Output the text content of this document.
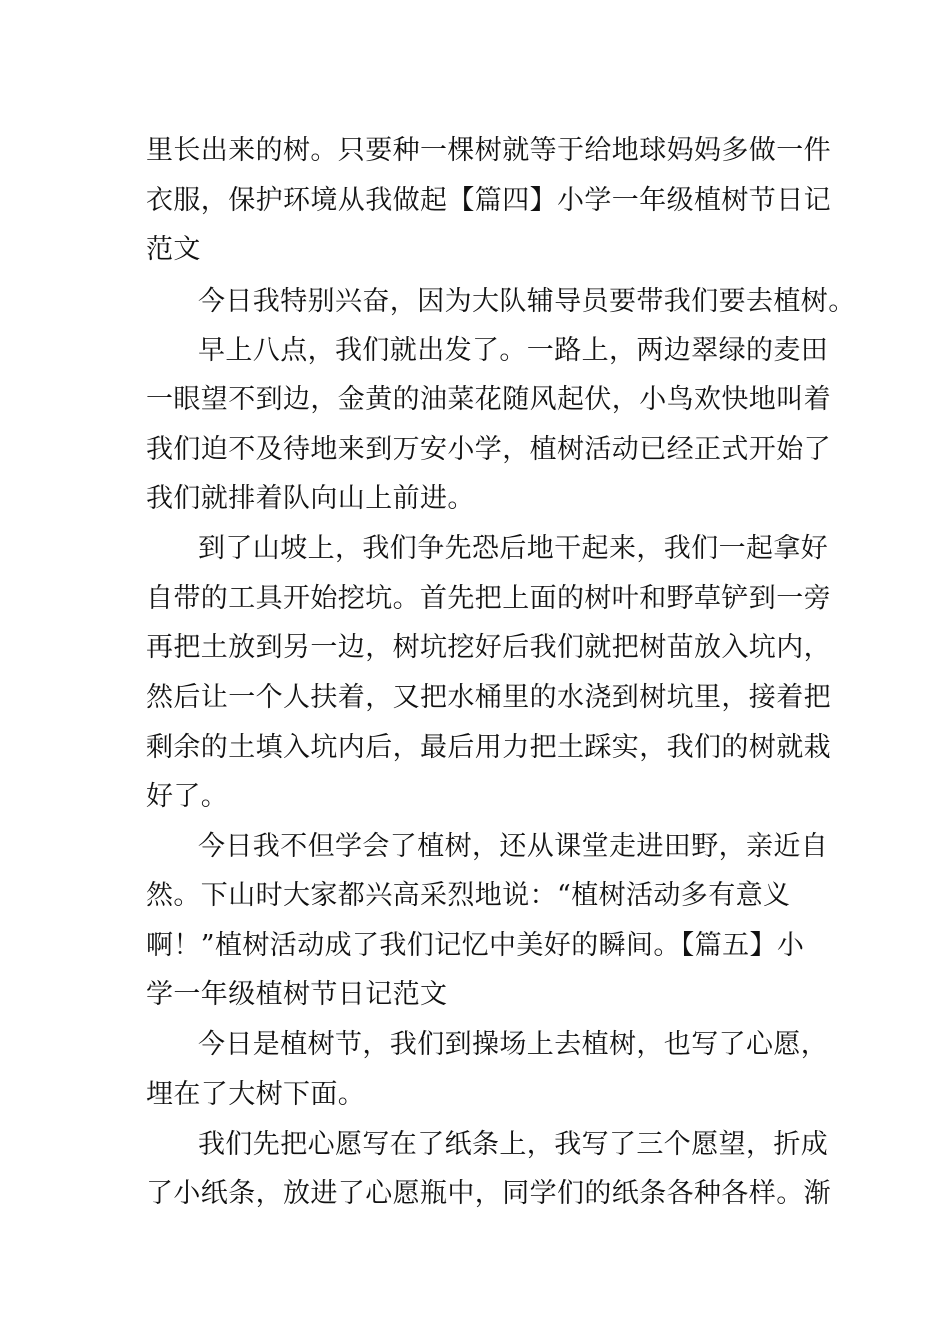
里长出来的树。只要种一棵树就等于给地球妈妈多做一件
衣服，保护环境从我做起【篇四】小学一年级植树节日记
范文
今日我特别兴奋，因为大队辅导员要带我们要去植树。
早上八点，我们就出发了。一路上，两边翠绿的麦田
一眼望不到边，金黄的油菜花随风起伏，小鸟欢快地叫着
我们迫不及待地来到万安小学，植树活动已经正式开始了
我们就排着队向山上前进。
到了山坡上，我们争先恐后地干起来，我们一起拿好
自带的工具开始挖坑。首先把上面的树叶和野草铲到一旁
再把土放到另一边，树坑挖好后我们就把树苗放入坑内，
然后让一个人扶着，又把水桶里的水浇到树坑里，接着把
剩余的土填入坑内后，最后用力把土踩实，我们的树就栽
好了。
今日我不但学会了植树，还从课堂走进田野，亲近自
然。下山时大家都兴高采烈地说：“植树活动多有意义
啊！”植树活动成了我们记忆中美好的瞬间。【篇五】小
学一年级植树节日记范文
今日是植树节，我们到操场上去植树，也写了心愿，
埋在了大树下面。
我们先把心愿写在了纸条上，我写了三个愿望，折成
了小纸条，放进了心愿瓶中，同学们的纸条各种各样。渐
